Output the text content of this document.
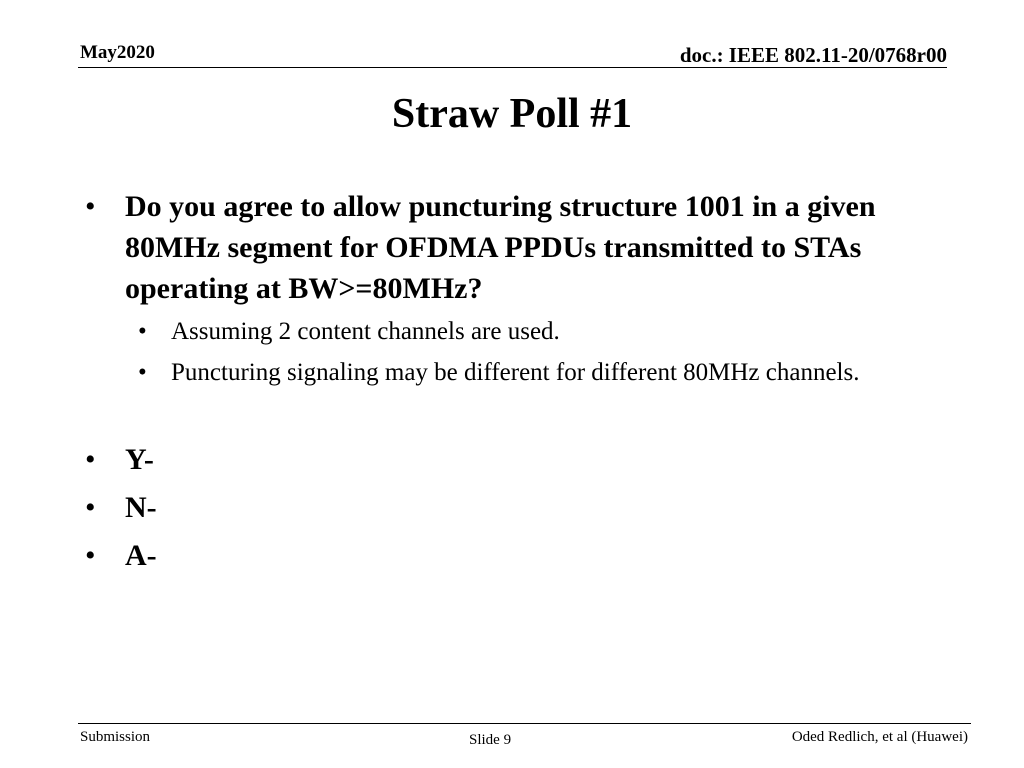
May2020	doc.: IEEE 802.11-20/0768r00
Straw Poll #1
• Do you agree to allow puncturing structure 1001 in a given 80MHz segment for OFDMA PPDUs transmitted to STAs operating at BW>=80MHz?
• Assuming 2 content channels are used.
• Puncturing signaling may be different for different 80MHz channels.
• Y-
• N-
• A-
Submission	Slide 9	Oded Redlich, et al (Huawei)
